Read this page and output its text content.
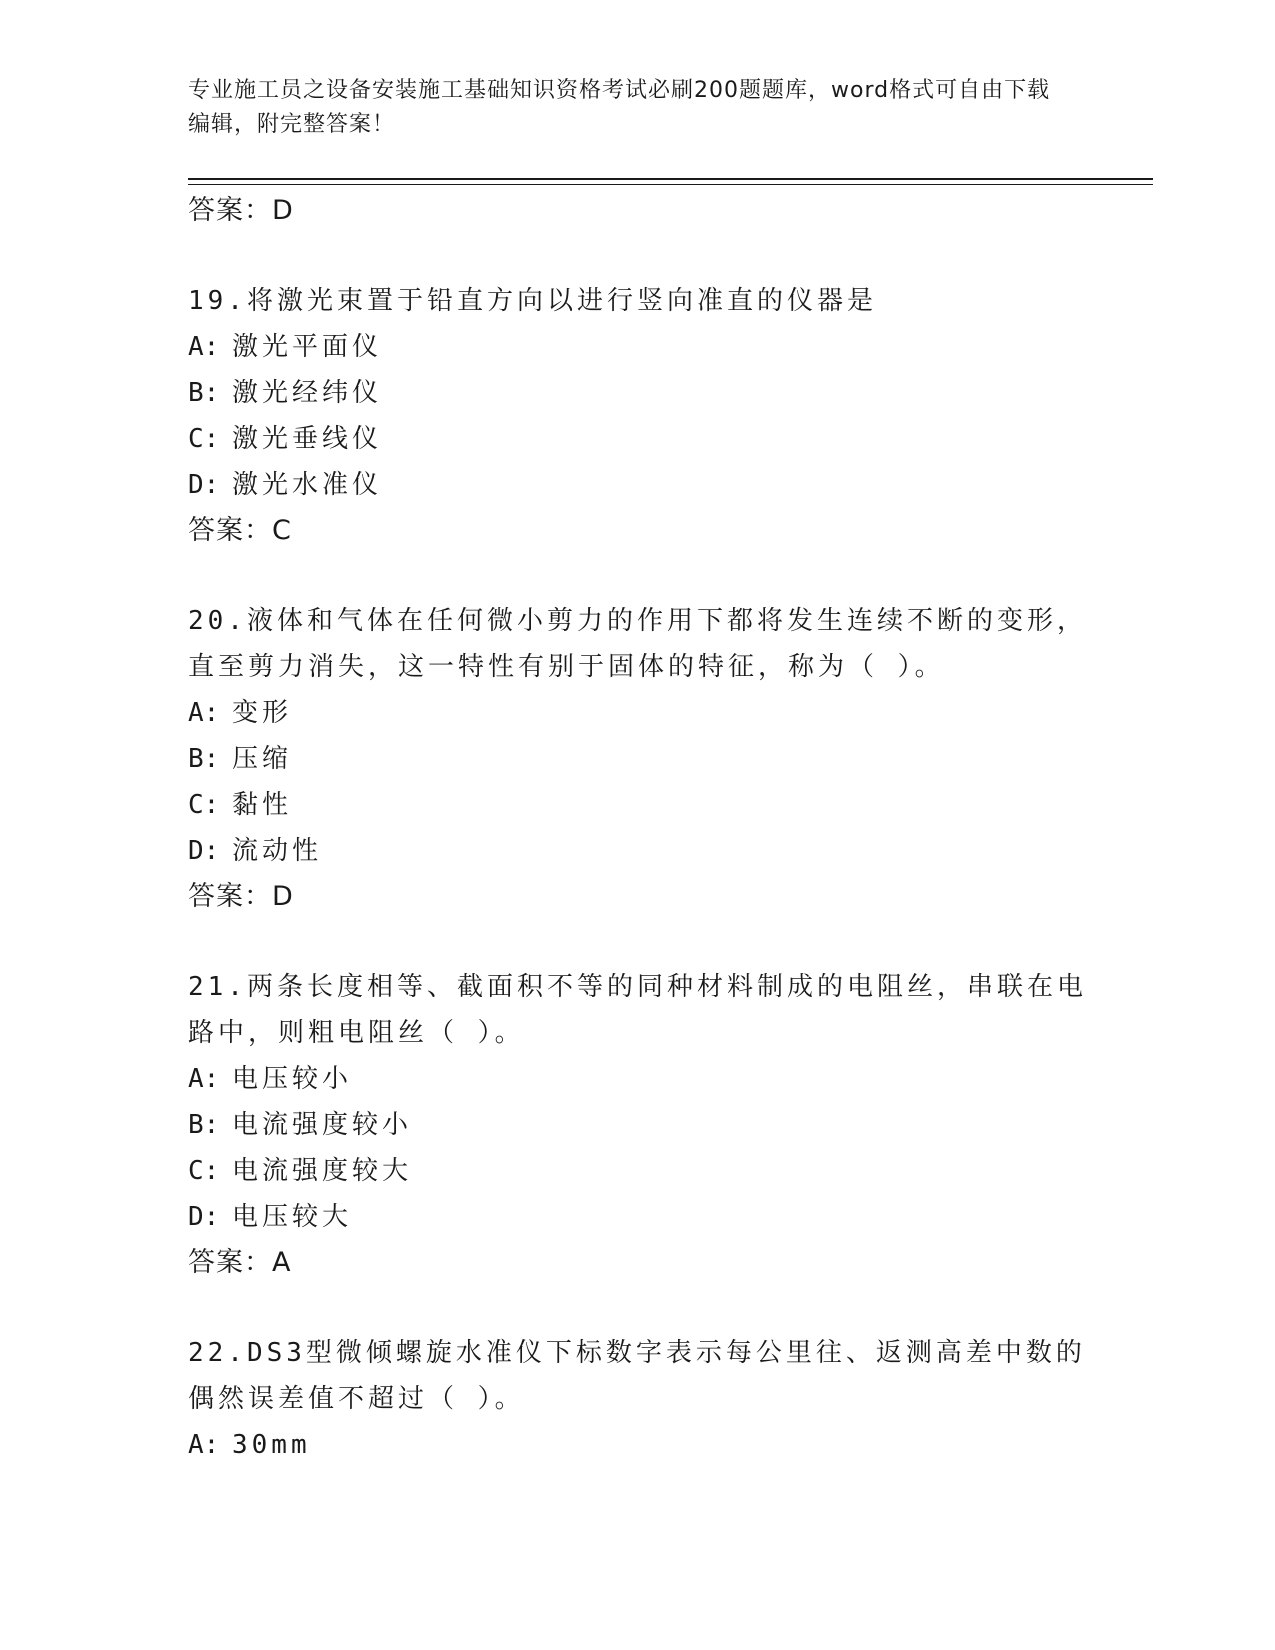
专业施工员之设备安装施工基础知识资格考试必刷200题题库，word格式可自由下载编辑，附完整答案！
答案：D
19.将激光束置于铅直方向以进行竖向准直的仪器是
A: 激光平面仪
B: 激光经纬仪
C: 激光垂线仪
D: 激光水准仪
答案：C
20.液体和气体在任何微小剪力的作用下都将发生连续不断的变形，直至剪力消失，这一特性有别于固体的特征，称为（ ）。
A: 变形
B: 压缩
C: 黏性
D: 流动性
答案：D
21.两条长度相等、截面积不等的同种材料制成的电阻丝，串联在电路中，则粗电阻丝（ ）。
A: 电压较小
B: 电流强度较小
C: 电流强度较大
D: 电压较大
答案：A
22.DS3型微倾螺旋水准仪下标数字表示每公里往、返测高差中数的偶然误差值不超过（ ）。
A: 30mm
